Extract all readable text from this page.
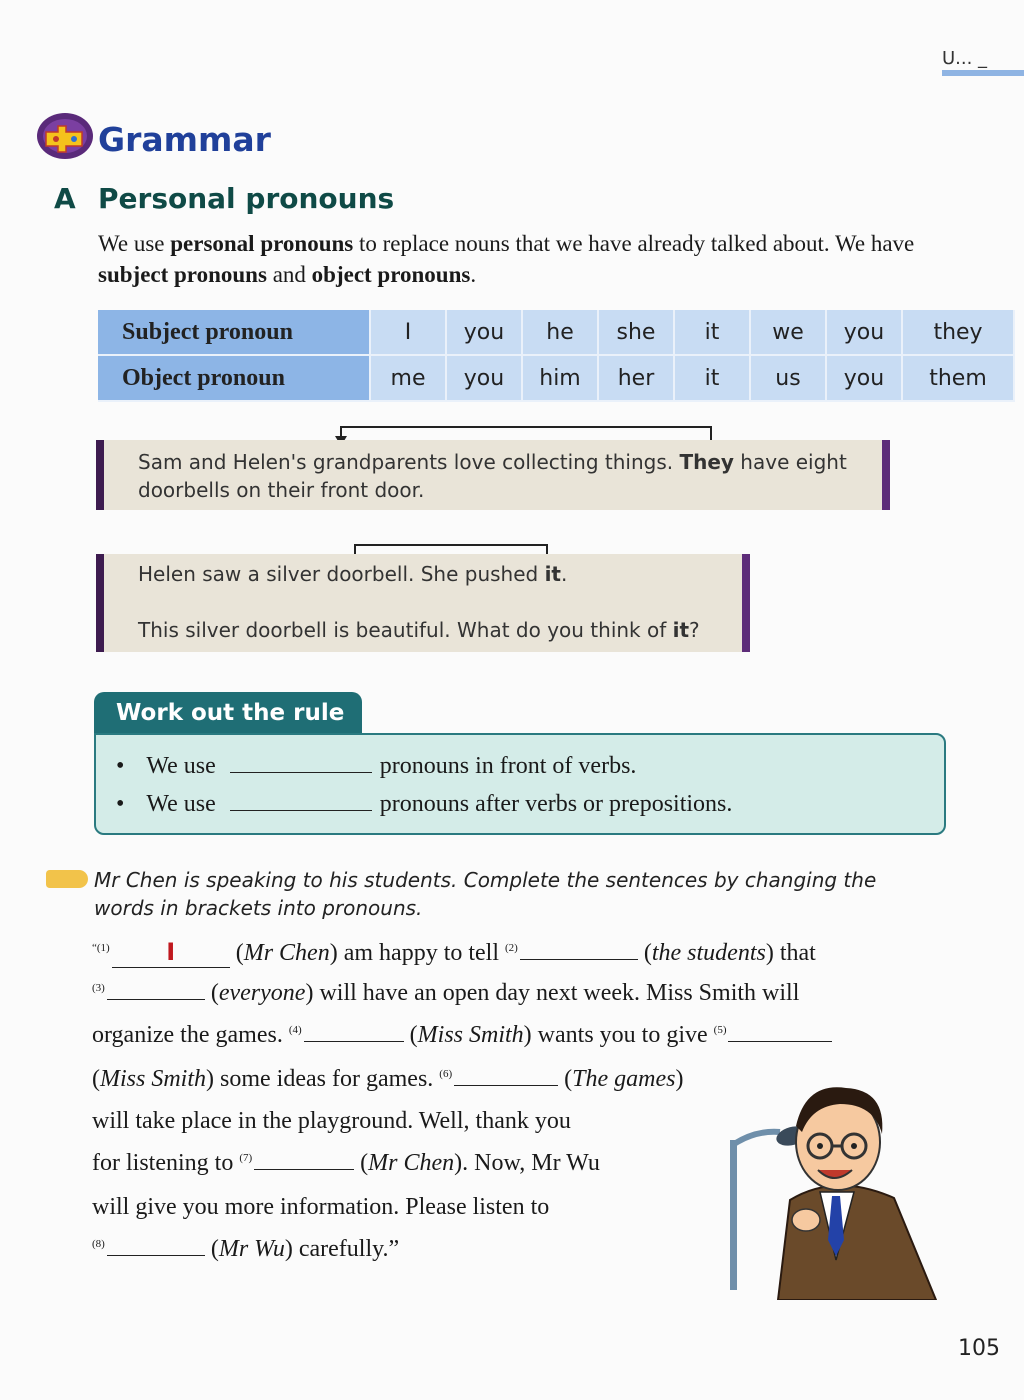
U... _
Grammar
A Personal pronouns
We use personal pronouns to replace nouns that we have already talked about. We have subject pronouns and object pronouns.
Subject pronoun	I	you	he	she	it	we	you	they
Object pronoun	me	you	him	her	it	us	you	them
Sam and Helen's grandparents love collecting things. They have eight
doorbells on their front door.
Helen saw a silver doorbell. She pushed it.
This silver doorbell is beautiful. What do you think of it?
Work out the rule
• We use	pronouns in front of verbs.
• We use	pronouns after verbs or prepositions.
Mr Chen is speaking to his students. Complete the sentences by changing the words in brackets into pronouns.
$^{“(1)}$ I (Mr Chen) am happy to tell $^{(2)}$	(the students) that
$^{(3)}$	(everyone) will have an open day next week. Miss Smith will
organize the games. $^{(4)}$	(Miss Smith) wants you to give $^{(5)}$
(Miss Smith) some ideas for games. $^{(6)}$	(The games)
will take place in the playground. Well, thank you
for listening to $^{(7)}$	(Mr Chen). Now, Mr Wu
will give you more information. Please listen to
$^{(8)}$	(Mr Wu) carefully.”
105
